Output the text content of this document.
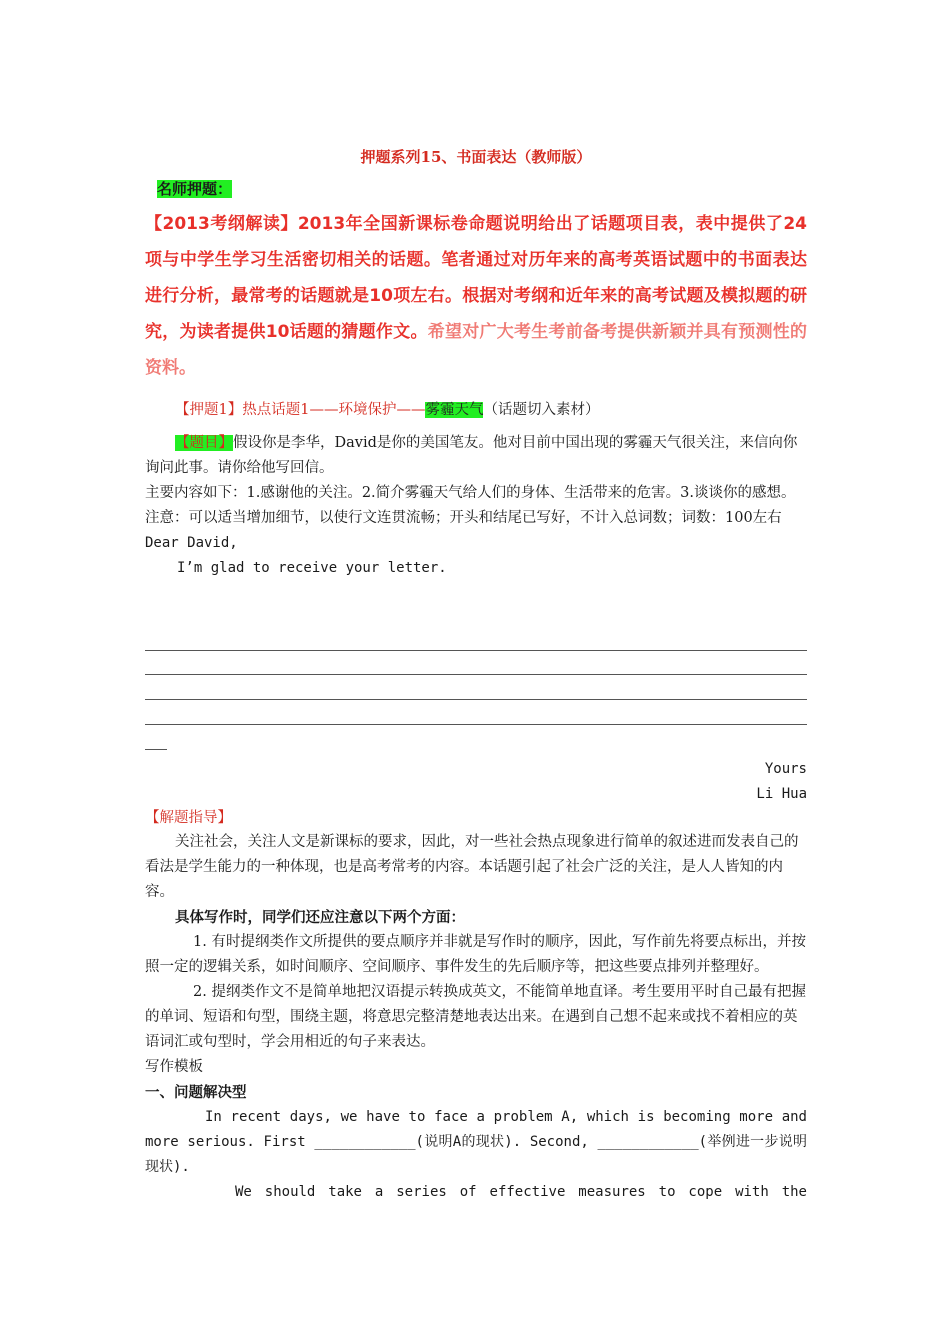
押题系列15、书面表达（教师版）
名师押题：
【2013考纲解读】2013年全国新课标卷命题说明给出了话题项目表，表中提供了24项与中学生学习生活密切相关的话题。笔者通过对历年来的高考英语试题中的书面表达进行分析，最常考的话题就是10项左右。根据对考纲和近年来的高考试题及模拟题的研究，为读者提供10话题的猜题作文。希望对广大考生考前备考提供新颖并具有预测性的资料。
【押题1】热点话题1——环境保护——雾霾天气（话题切入素材）

【题目】假设你是李华，David是你的美国笔友。他对目前中国出现的雾霾天气很关注，来信向你询问此事。请你给他写回信。

主要内容如下：1.感谢他的关注。2.简介雾霾天气给人们的身体、生活带来的危害。3.谈谈你的感想。

注意：可以适当增加细节，以使行文连贯流畅；开头和结尾已写好，不计入总词数；词数：100左右

Dear David,

I’m glad to receive your letter.

Yours
Li Hua
【解题指导】

关注社会，关注人文是新课标的要求，因此，对一些社会热点现象进行简单的叙述进而发表自己的看法是学生能力的一种体现，也是高考常考的内容。本话题引起了社会广泛的关注，是人人皆知的内容。

具体写作时，同学们还应注意以下两个方面：

1. 有时提纲类作文所提供的要点顺序并非就是写作时的顺序，因此，写作前先将要点标出，并按照一定的逻辑关系，如时间顺序、空间顺序、事件发生的先后顺序等，把这些要点排列并整理好。

2. 提纲类作文不是简单地把汉语提示转换成英文，不能简单地直译。考生要用平时自己最有把握的单词、短语和句型，围绕主题，将意思完整清楚地表达出来。在遇到自己想不起来或找不着相应的英语词汇或句型时，学会用相近的句子来表达。

写作模板

一、问题解决型

In recent days, we have to face a problem A, which is becoming more and more serious. First ____________(说明A的现状). Second, ____________(举例进一步说明现状).

We should take a series of effective measures to cope with the
